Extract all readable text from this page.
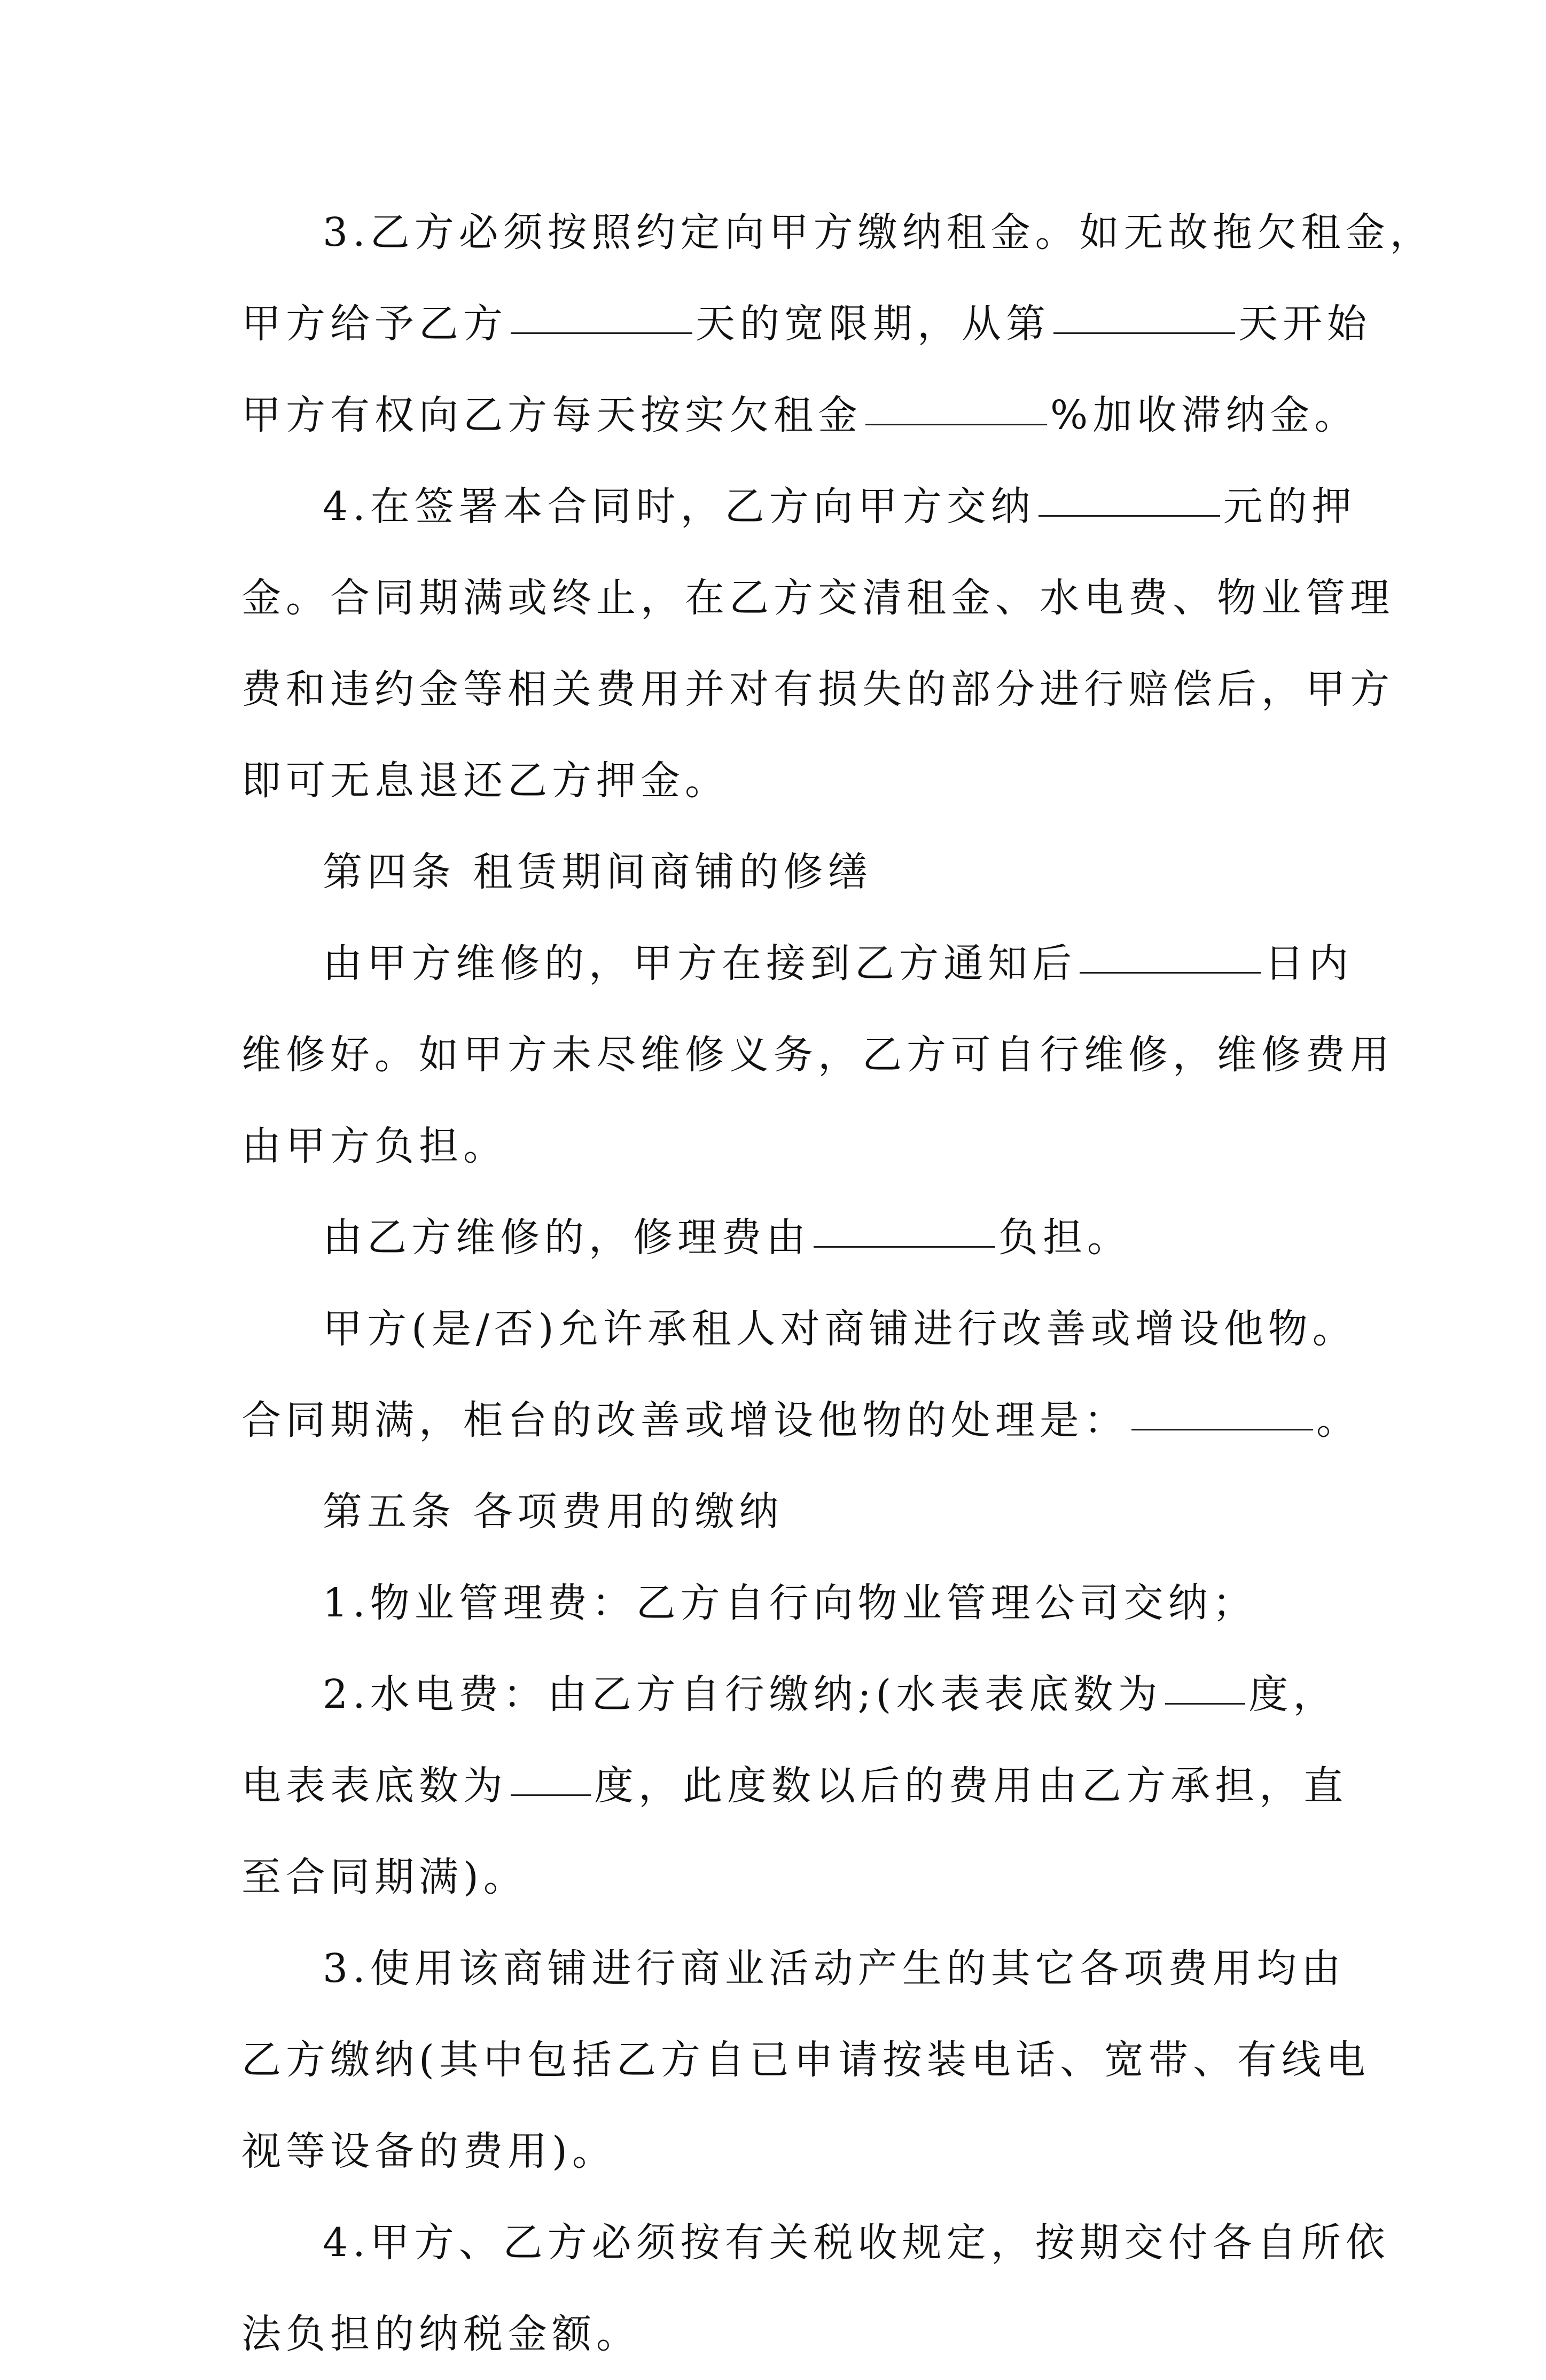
3.乙方必须按照约定向甲方缴纳租金。如无故拖欠租金，
甲方给予乙方	天的宽限期，从第	天开始
甲方有权向乙方每天按实欠租金	%加收滞纳金。
4.在签署本合同时，乙方向甲方交纳	元的押
金。合同期满或终止，在乙方交清租金、水电费、物业管理
费和违约金等相关费用并对有损失的部分进行赔偿后，甲方
即可无息退还乙方押金。
第四条 租赁期间商铺的修缮
由甲方维修的，甲方在接到乙方通知后	日内
维修好。如甲方未尽维修义务，乙方可自行维修，维修费用
由甲方负担。
由乙方维修的，修理费由	负担。
甲方(是/否)允许承租人对商铺进行改善或增设他物。
合同期满，柜台的改善或增设他物的处理是：	。
第五条 各项费用的缴纳
1.物业管理费：乙方自行向物业管理公司交纳；
2.水电费：由乙方自行缴纳;(水表表底数为 度，
电表表底数为 度，此度数以后的费用由乙方承担，直
至合同期满)。
3.使用该商铺进行商业活动产生的其它各项费用均由
乙方缴纳(其中包括乙方自已申请按装电话、宽带、有线电
视等设备的费用)。
4.甲方、乙方必须按有关税收规定，按期交付各自所依
法负担的纳税金额。
